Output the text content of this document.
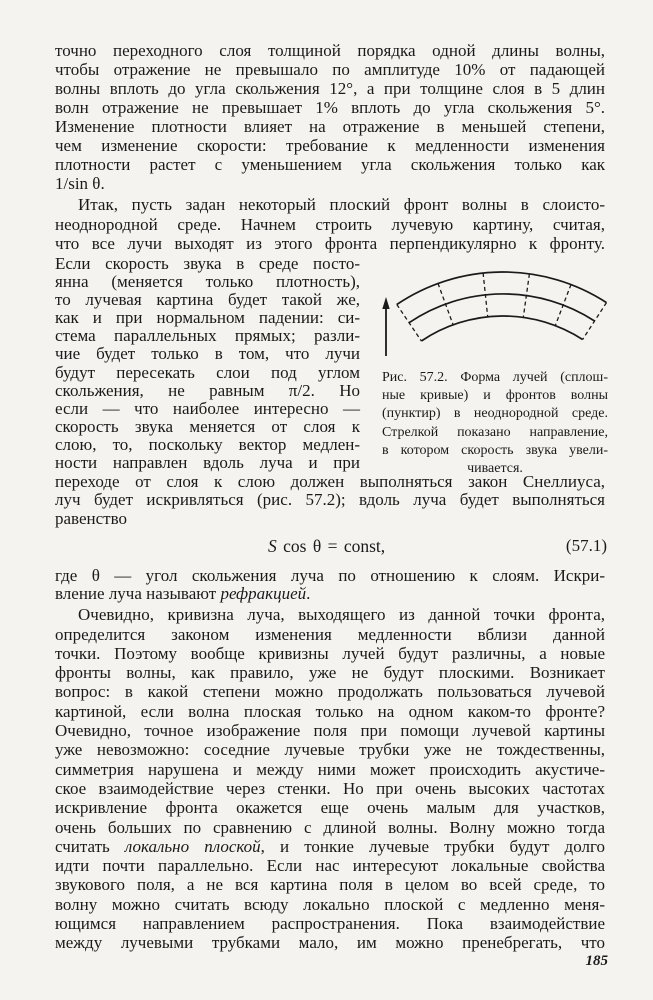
Рис. 57.2. Форма лучей (сплош-
ные кривые) и фронтов волны
(пунктир) в неоднородной среде.
Стрелкой показано направление,
в котором скорость звука увели-
чивается.
S cos θ = const,	(57.1)
185
точно переходного слоя толщиной порядка одной длины волны,
чтобы отражение не превышало по амплитуде 10% от падающей
волны вплоть до угла скольжения 12°, а при толщине слоя в 5 длин
волн отражение не превышает 1% вплоть до угла скольжения 5°.
Изменение плотности влияет на отражение в меньшей степени,
чем изменение скорости: требование к медленности изменения
плотности растет с уменьшением угла скольжения только как
1/sin θ.
Итак, пусть задан некоторый плоский фронт волны в слоисто-
неоднородной среде. Начнем строить лучевую картину, считая,
что все лучи выходят из этого фронта перпендикулярно к фронту.
Если скорость звука в среде посто-
янна (меняется только плотность),
то лучевая картина будет такой же,
как и при нормальном падении: си-
стема параллельных прямых; разли-
чие будет только в том, что лучи
будут пересекать слои под углом
скольжения, не равным π/2. Но
если — что наиболее интересно —
скорость звука меняется от слоя к
слою, то, поскольку вектор медлен-
ности направлен вдоль луча и при
переходе от слоя к слою должен выполняться закон Снеллиуса,
луч будет искривляться (рис. 57.2); вдоль луча будет выполняться
равенство
где θ — угол скольжения луча по отношению к слоям. Искри-
вление луча называют рефракцией.
Очевидно, кривизна луча, выходящего из данной точки фронта,
определится законом изменения медленности вблизи данной
точки. Поэтому вообще кривизны лучей будут различны, а новые
фронты волны, как правило, уже не будут плоскими. Возникает
вопрос: в какой степени можно продолжать пользоваться лучевой
картиной, если волна плоская только на одном каком-то фронте?
Очевидно, точное изображение поля при помощи лучевой картины
уже невозможно: соседние лучевые трубки уже не тождественны,
симметрия нарушена и между ними может происходить акустиче-
ское взаимодействие через стенки. Но при очень высоких частотах
искривление фронта окажется еще очень малым для участков,
очень больших по сравнению с длиной волны. Волну можно тогда
считать локально плоской, и тонкие лучевые трубки будут долго
идти почти параллельно. Если нас интересуют локальные свойства
звукового поля, а не вся картина поля в целом во всей среде, то
волну можно считать всюду локально плоской с медленно меня-
ющимся направлением распространения. Пока взаимодействие
между лучевыми трубками мало, им можно пренебрегать, что
